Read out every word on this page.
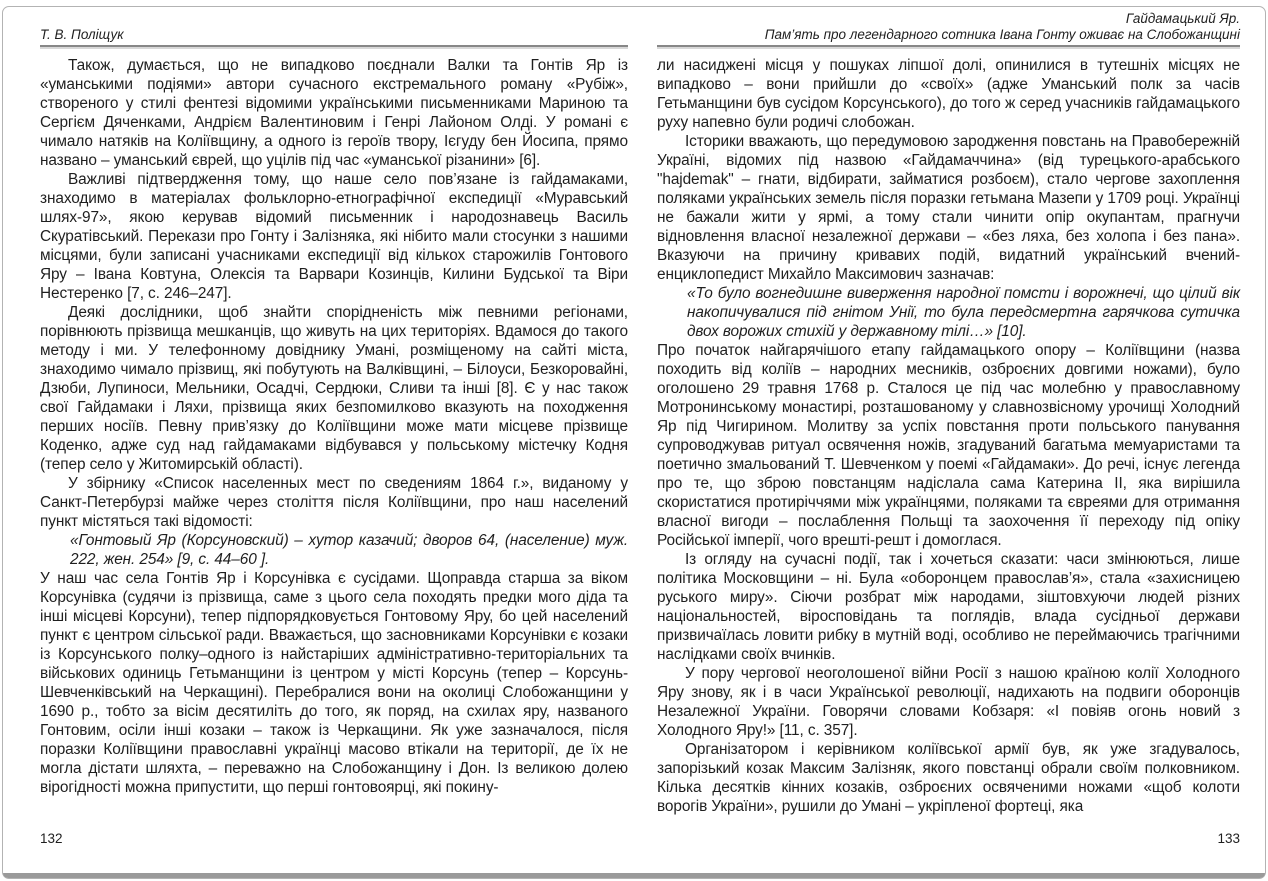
Т. В. Поліщук

Також, думається, що не випадково поєднали Валки та Гонтів Яр із «уманськими подіями» автори сучасного екстремального роману «Рубіж», створеного у стилі фентезі відомими українськими письменниками Мариною та Сергієм Дяченками, Андрієм Валентиновим і Генрі Лайоном Олді. У романі є чимало натяків на Коліївщину, а одного із героїв твору, Ієгуду бен Йосипа, прямо названо – уманський єврей, що уцілів під час «уманської різанини» [6].

Важливі підтвердження тому, що наше село пов’язане із гайдамаками, знаходимо в матеріалах фольклорно-етнографічної експедиції «Муравський шлях-97», якою керував відомий письменник і народознавець Василь Скуратівський. Перекази про Гонту і Залізняка, які нібито мали стосунки з нашими місцями, були записані учасниками експедиції від кількох старожилів Гонтового Яру – Івана Ковтуна, Олексія та Варвари Козинців, Килини Будської та Віри Нестеренко [7, с. 246–247].

Деякі дослідники, щоб знайти спорідненість між певними регіонами, порівнюють прізвища мешканців, що живуть на цих територіях. Вдамося до такого методу і ми. У телефонному довіднику Умані, розміщеному на сайті міста, знаходимо чимало прізвищ, які побутують на Валківщині, – Білоуси, Безкоровайні, Дзюби, Лупиноси, Мельники, Осадчі, Сердюки, Сливи та інші [8]. Є у нас також свої Гайдамаки і Ляхи, прізвища яких безпомилково вказують на походження перших носіїв. Певну прив’язку до Коліївщини може мати місцеве прізвище Коденко, адже суд над гайдамаками відбувався у польському містечку Кодня (тепер село у Житомирській області).

У збірнику «Список населенных мест по сведениям 1864 г.», виданому у Санкт-Петербурзі майже через століття після Коліївщини, про наш населений пункт містяться такі відомості:

«Гонтовый Яр (Корсуновский) – хутор казачий; дворов 64, (население) муж. 222, жен. 254» [9, с. 44–60 ].

У наш час села Гонтів Яр і Корсунівка є сусідами. Щоправда старша за віком Корсунівка (судячи із прізвища, саме з цього села походять предки мого діда та інші місцеві Корсуни), тепер підпорядковується Гонтовому Яру, бо цей населений пункт є центром сільської ради. Вважається, що засновниками Корсунівки є козаки із Корсунського полку–одного із найстаріших адміністративно-територіальних та військових одиниць Гетьманщини із центром у місті Корсунь (тепер – Корсунь-Шевченківський на Черкащині). Перебралися вони на околиці Слобожанщини у 1690 р., тобто за вісім десятиліть до того, як поряд, на схилах яру, названого Гонтовим, осіли інші козаки – також із Черкащини. Як уже зазначалося, після поразки Коліївщини православні українці масово втікали на території, де їх не могла дістати шляхта, – переважно на Слобожанщину і Дон. Із великою долею вірогідності можна припустити, що перші гонтовоярці, які покину-

132
Гайдамацький Яр.
Пам’ять про легендарного сотника Івана Гонту оживає на Слобожанщині

ли насиджені місця у пошуках ліпшої долі, опинилися в тутешніх місцях не випадково – вони прийшли до «своїх» (адже Уманський полк за часів Гетьманщини був сусідом Корсунського), до того ж серед учасників гайдамацького руху напевно були родичі слобожан.

Історики вважають, що передумовою зародження повстань на Правобережній Україні, відомих під назвою «Гайдамаччина» (від турецького-арабського "hajdemak" – гнати, відбирати, займатися розбоєм), стало чергове захоплення поляками українських земель після поразки гетьмана Мазепи у 1709 році. Українці не бажали жити у ярмі, а тому стали чинити опір окупантам, прагнучи відновлення власної незалежної держави – «без ляха, без холопа і без пана». Вказуючи на причину кривавих подій, видатний український вчений-енциклопедист Михайло Максимович зазначав:

«То було вогнедишне виверження народної помсти і ворожнечі, що цілий вік накопичувалися під гнітом Унії, то була передсмертна гарячкова сутичка двох ворожих стихій у державному тілі…» [10].

Про початок найгарячішого етапу гайдамацького опору – Коліївщини (назва походить від коліїв – народних месників, озброєних довгими ножами), було оголошено 29 травня 1768 р. Сталося це під час молебню у православному Мотронинському монастирі, розташованому у славнозвісному урочищі Холодний Яр під Чигирином. Молитву за успіх повстання проти польського панування супроводжував ритуал освячення ножів, згадуваний багатьма мемуаристами та поетично змальований Т. Шевченком у поемі «Гайдамаки». До речі, існує легенда про те, що зброю повстанцям надіслала сама Катерина II, яка вирішила скористатися протиріччями між українцями, поляками та євреями для отримання власної вигоди – послаблення Польщі та заохочення її переходу під опіку Російської імперії, чого врешті-решт і домоглася.

Із огляду на сучасні події, так і хочеться сказати: часи змінюються, лише політика Московщини – ні. Була «оборонцем православ’я», стала «захисницею руського миру». Сіючи розбрат між народами, зіштовхуючи людей різних національностей, віросповідань та поглядів, влада сусідньої держави призвичаїлась ловити рибку в мутній воді, особливо не переймаючись трагічними наслідками своїх вчинків.

У пору чергової неоголошеної війни Росії з нашою країною колії Холодного Яру знову, як і в часи Української революції, надихають на подвиги оборонців Незалежної України. Говорячи словами Кобзаря: «І повіяв огонь новий з Холодного Яру!» [11, с. 357].

Організатором і керівником коліївської армії був, як уже згадувалось, запорізький козак Максим Залізняк, якого повстанці обрали своїм полковником. Кілька десятків кінних козаків, озброєних освяченими ножами «щоб колоти ворогів України», рушили до Умані – укріпленої фортеці, яка

133
